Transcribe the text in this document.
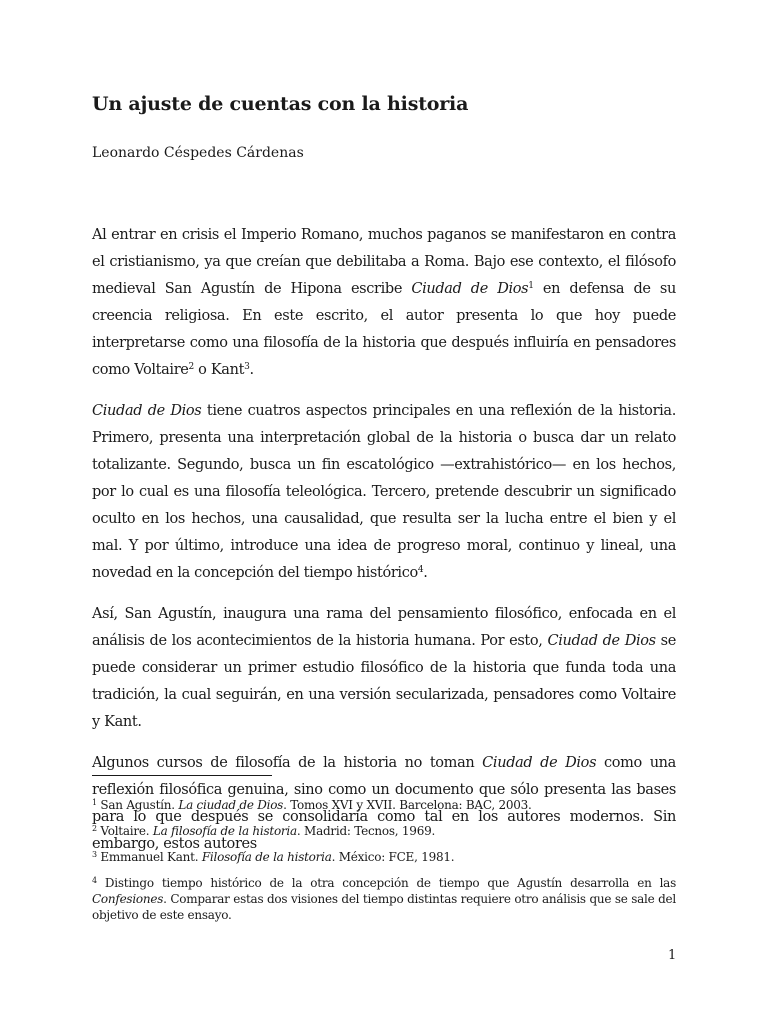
Un ajuste de cuentas con la historia

Leonardo Céspedes Cárdenas

Al entrar en crisis el Imperio Romano, muchos paganos se manifestaron en contra el cristianismo, ya que creían que debilitaba a Roma. Bajo ese contexto, el filósofo medieval San Agustín de Hipona escribe Ciudad de Dios$^1$ en defensa de su creencia religiosa. En este escrito, el autor presenta lo que hoy puede interpretarse como una filosofía de la historia que después influiría en pensadores como Voltaire$^2$ o Kant$^3$.

Ciudad de Dios tiene cuatros aspectos principales en una reflexión de la historia. Primero, presenta una interpretación global de la historia o busca dar un relato totalizante. Segundo, busca un fin escatológico —extrahistórico— en los hechos, por lo cual es una filosofía teleológica. Tercero, pretende descubrir un significado oculto en los hechos, una causalidad, que resulta ser la lucha entre el bien y el mal. Y por último, introduce una idea de progreso moral, continuo y lineal, una novedad en la concepción del tiempo histórico$^4$.

Así, San Agustín, inaugura una rama del pensamiento filosófico, enfocada en el análisis de los acontecimientos de la historia humana. Por esto, Ciudad de Dios se puede considerar un primer estudio filosófico de la historia que funda toda una tradición, la cual seguirán, en una versión secularizada, pensadores como Voltaire y Kant.

Algunos cursos de filosofía de la historia no toman Ciudad de Dios como una reflexión filosófica genuina, sino como un documento que sólo presenta las bases para lo que después se consolidaría como tal en los autores modernos. Sin embargo, estos autores

$^1$ San Agustín. La ciudad de Dios. Tomos XVI y XVII. Barcelona: BAC, 2003.

$^2$ Voltaire. La filosofía de la historia. Madrid: Tecnos, 1969.

$^3$ Emmanuel Kant. Filosofía de la historia. México: FCE, 1981.

$^4$ Distingo tiempo histórico de la otra concepción de tiempo que Agustín desarrolla en las Confesiones. Comparar estas dos visiones del tiempo distintas requiere otro análisis que se sale del objetivo de este ensayo.

1
